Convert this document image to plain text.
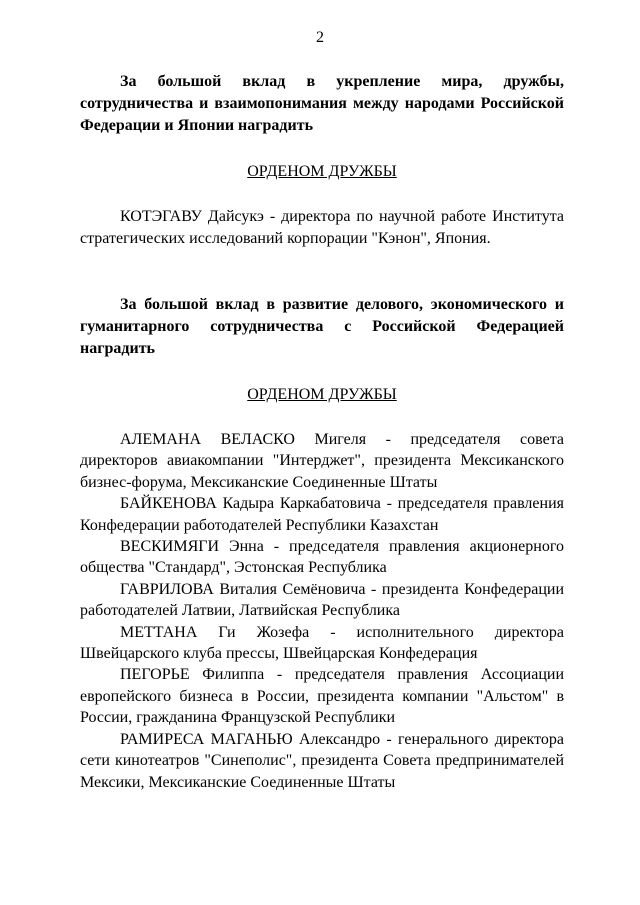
2

За большой вклад в укрепление мира, дружбы, сотрудничества и взаимопонимания между народами Российской Федерации и Японии наградить

ОРДЕНОМ ДРУЖБЫ

КОТЭГАВУ Дайсукэ - директора по научной работе Института стратегических исследований корпорации "Кэнон", Япония.

За большой вклад в развитие делового, экономического и гуманитарного сотрудничества с Российской Федерацией наградить

ОРДЕНОМ ДРУЖБЫ

АЛЕМАНА ВЕЛАСКО Мигеля - председателя совета директоров авиакомпании "Интерджет", президента Мексиканского бизнес-форума, Мексиканские Соединенные Штаты

БАЙКЕНОВА Кадыра Каркабатовича - председателя правления Конфедерации работодателей Республики Казахстан

ВЕСКИМЯГИ Энна - председателя правления акционерного общества "Стандард", Эстонская Республика

ГАВРИЛОВА Виталия Семёновича - президента Конфедерации работодателей Латвии, Латвийская Республика

МЕТТАНА Ги Жозефа - исполнительного директора Швейцарского клуба прессы, Швейцарская Конфедерация

ПЕГОРЬЕ Филиппа - председателя правления Ассоциации европейского бизнеса в России, президента компании "Альстом" в России, гражданина Французской Республики

РАМИРЕСА МАГАНЬЮ Александро - генерального директора сети кинотеатров "Синеполис", президента Совета предпринимателей Мексики, Мексиканские Соединенные Штаты
